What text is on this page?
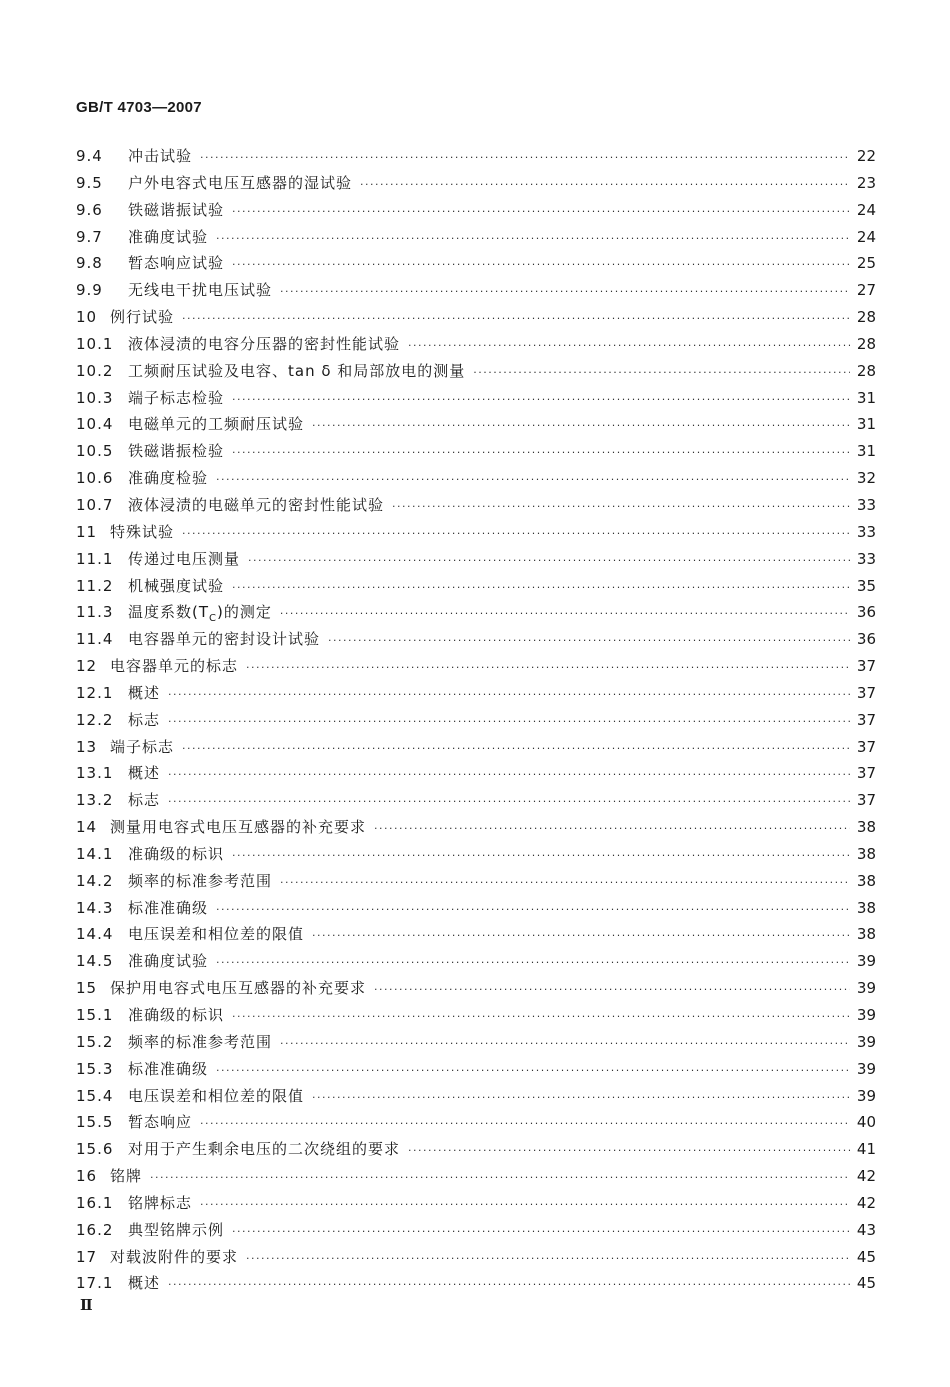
GB/T 4703—2007
9.4	冲击试验 ·····	22
9.5	户外电容式电压互感器的湿试验 ·····	23
9.6	铁磁谐振试验 ·····	24
9.7	准确度试验 ·····	24
9.8	暂态响应试验 ·····	25
9.9	无线电干扰电压试验 ·····	27
10 例行试验 ·····	28
10.1 液体浸渍的电容分压器的密封性能试验 ·····	28
10.2 工频耐压试验及电容、tan δ 和局部放电的测量 ·····	28
10.3 端子标志检验 ·····	31
10.4 电磁单元的工频耐压试验 ·····	31
10.5 铁磁谐振检验 ·····	31
10.6 准确度检验 ·····	32
10.7 液体浸渍的电磁单元的密封性能试验 ·····	33
11 特殊试验 ·····	33
11.1 传递过电压测量 ·····	33
11.2 机械强度试验 ·····	35
11.3 温度系数$(T_C)$的测定 ·····	36
11.4 电容器单元的密封设计试验 ·····	36
12 电容器单元的标志 ·····	37
12.1 概述 ·····	37
12.2 标志 ·····	37
13 端子标志 ·····	37
13.1 概述 ·····	37
13.2 标志 ·····	37
14 测量用电容式电压互感器的补充要求 ·····	38
14.1 准确级的标识 ·····	38
14.2 频率的标准参考范围 ·····	38
14.3 标准准确级 ·····	38
14.4 电压误差和相位差的限值 ·····	38
14.5 准确度试验 ·····	39
15 保护用电容式电压互感器的补充要求 ·····	39
15.1 准确级的标识 ·····	39
15.2 频率的标准参考范围 ·····	39
15.3 标准准确级 ·····	39
15.4 电压误差和相位差的限值 ·····	39
15.5 暂态响应 ·····	40
15.6 对用于产生剩余电压的二次绕组的要求 ·····	41
16 铭牌 ·····	42
16.1 铭牌标志 ·····	42
16.2 典型铭牌示例 ·····	43
17 对载波附件的要求 ·····	45
17.1 概述 ·····	45
Ⅱ
